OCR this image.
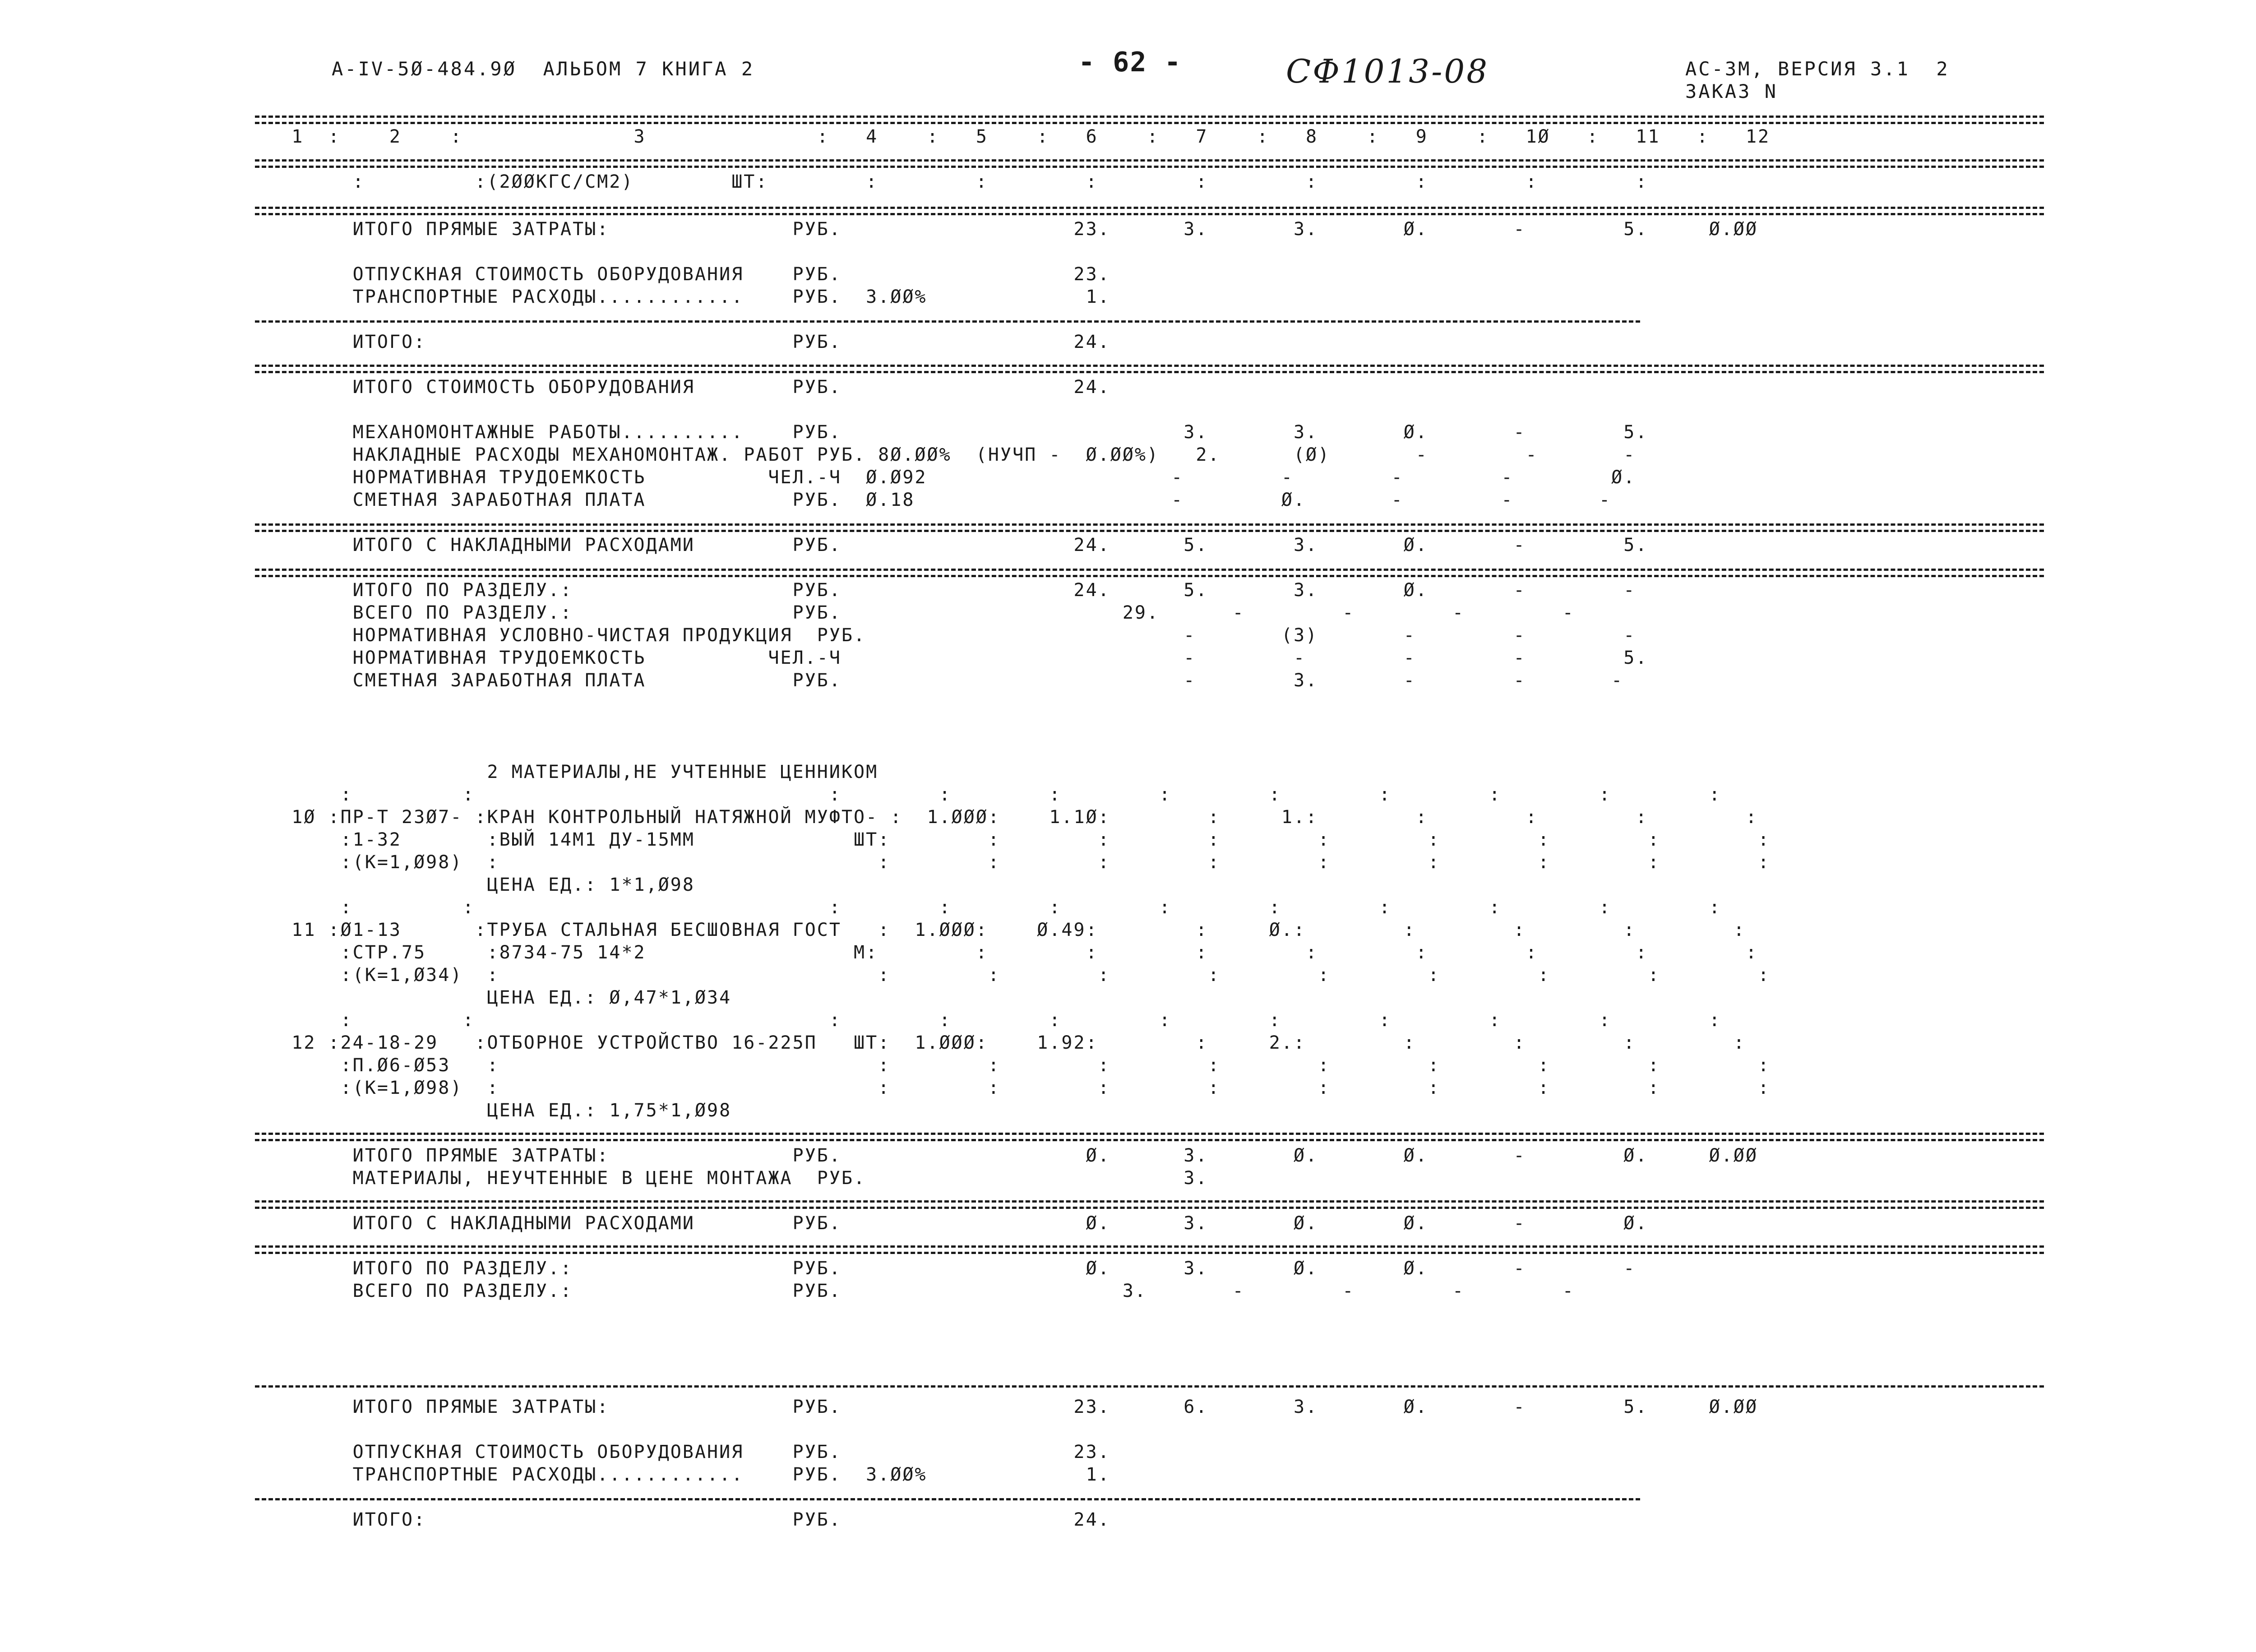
А-IV-5Ø-484.9Ø  АЛЬБОМ 7 КНИГА 2	- 62 -	СФ1013-08	АС-3М, ВЕРСИЯ 3.1  2
ЗАКАЗ N
1  :    2    :              3              :   4    :   5    :   6    :   7    :   8    :   9    :   1Ø   :   11   :   12
:         :(2ØØКГС/СМ2)        ШТ:        :        :        :        :        :        :        :        :
ИТОГО ПРЯМЫЕ ЗАТРАТЫ:               РУБ.                   23.      3.       3.       Ø.       -        5.     Ø.ØØ
ОТПУСКНАЯ СТОИМОСТЬ ОБОРУДОВАНИЯ    РУБ.                   23.
ТРАНСПОРТНЫЕ РАСХОДЫ............    РУБ.  3.ØØ%             1.
ИТОГО:                              РУБ.                   24.
ИТОГО СТОИМОСТЬ ОБОРУДОВАНИЯ        РУБ.                   24.
МЕХАНОМОНТАЖНЫЕ РАБОТЫ..........    РУБ.                            3.       3.       Ø.       -        5.
НАКЛАДНЫЕ РАСХОДЫ МЕХАНОМОНТАЖ. РАБОТ РУБ. 8Ø.ØØ%  (НУЧП -  Ø.ØØ%)   2.      (Ø)       -        -       -
НОРМАТИВНАЯ ТРУДОЕМКОСТЬ          ЧЕЛ.-Ч  Ø.Ø92                    -        -        -        -        Ø.
СМЕТНАЯ ЗАРАБОТНАЯ ПЛАТА            РУБ.  Ø.18                     -        Ø.       -        -       -
ИТОГО С НАКЛАДНЫМИ РАСХОДАМИ        РУБ.                   24.      5.       3.       Ø.       -        5.
ИТОГО ПО РАЗДЕЛУ.:                  РУБ.                   24.      5.       3.       Ø.       -        -
ВСЕГО ПО РАЗДЕЛУ.:                  РУБ.                       29.      -        -        -        -
НОРМАТИВНАЯ УСЛОВНО-ЧИСТАЯ ПРОДУКЦИЯ  РУБ.                          -       (3)       -        -        -
НОРМАТИВНАЯ ТРУДОЕМКОСТЬ          ЧЕЛ.-Ч                            -        -        -        -        5.
СМЕТНАЯ ЗАРАБОТНАЯ ПЛАТА            РУБ.                            -        3.       -        -       -
2 МАТЕРИАЛЫ,НЕ УЧТЕННЫЕ ЦЕННИКОМ
:         :                             :        :        :        :        :        :        :        :        :
1Ø :ПР-Т 23Ø7- :КРАН КОНТРОЛЬНЫЙ НАТЯЖНОЙ МУФТО- :  1.ØØØ:    1.1Ø:        :     1.:        :        :        :        :
:1-32       :ВЫЙ 14М1 ДУ-15ММ             ШТ:        :        :        :        :        :        :        :        :
:(К=1,Ø98)  :                               :        :        :        :        :        :        :        :        :
ЦЕНА ЕД.: 1*1,Ø98
:         :                             :        :        :        :        :        :        :        :        :
11 :Ø1-13      :ТРУБА СТАЛЬНАЯ БЕСШОВНАЯ ГОСТ   :  1.ØØØ:    Ø.49:        :     Ø.:        :        :        :        :
:СТР.75     :8734-75 14*2                 М:        :        :        :        :        :        :        :        :
:(К=1,Ø34)  :                               :        :        :        :        :        :        :        :        :
ЦЕНА ЕД.: Ø,47*1,Ø34
:         :                             :        :        :        :        :        :        :        :        :
12 :24-18-29   :ОТБОРНОЕ УСТРОЙСТВО 16-225П   ШТ:  1.ØØØ:    1.92:        :     2.:        :        :        :        :
:П.Ø6-Ø53   :                               :        :        :        :        :        :        :        :        :
:(К=1,Ø98)  :                               :        :        :        :        :        :        :        :        :
ЦЕНА ЕД.: 1,75*1,Ø98
ИТОГО ПРЯМЫЕ ЗАТРАТЫ:               РУБ.                    Ø.      3.       Ø.       Ø.       -        Ø.     Ø.ØØ
МАТЕРИАЛЫ, НЕУЧТЕННЫЕ В ЦЕНЕ МОНТАЖА  РУБ.                          3.
ИТОГО С НАКЛАДНЫМИ РАСХОДАМИ        РУБ.                    Ø.      3.       Ø.       Ø.       -        Ø.
ИТОГО ПО РАЗДЕЛУ.:                  РУБ.                    Ø.      3.       Ø.       Ø.       -        -
ВСЕГО ПО РАЗДЕЛУ.:                  РУБ.                       3.       -        -        -        -
ИТОГО ПРЯМЫЕ ЗАТРАТЫ:               РУБ.                   23.      6.       3.       Ø.       -        5.     Ø.ØØ
ОТПУСКНАЯ СТОИМОСТЬ ОБОРУДОВАНИЯ    РУБ.                   23.
ТРАНСПОРТНЫЕ РАСХОДЫ............    РУБ.  3.ØØ%             1.
ИТОГО:                              РУБ.                   24.
